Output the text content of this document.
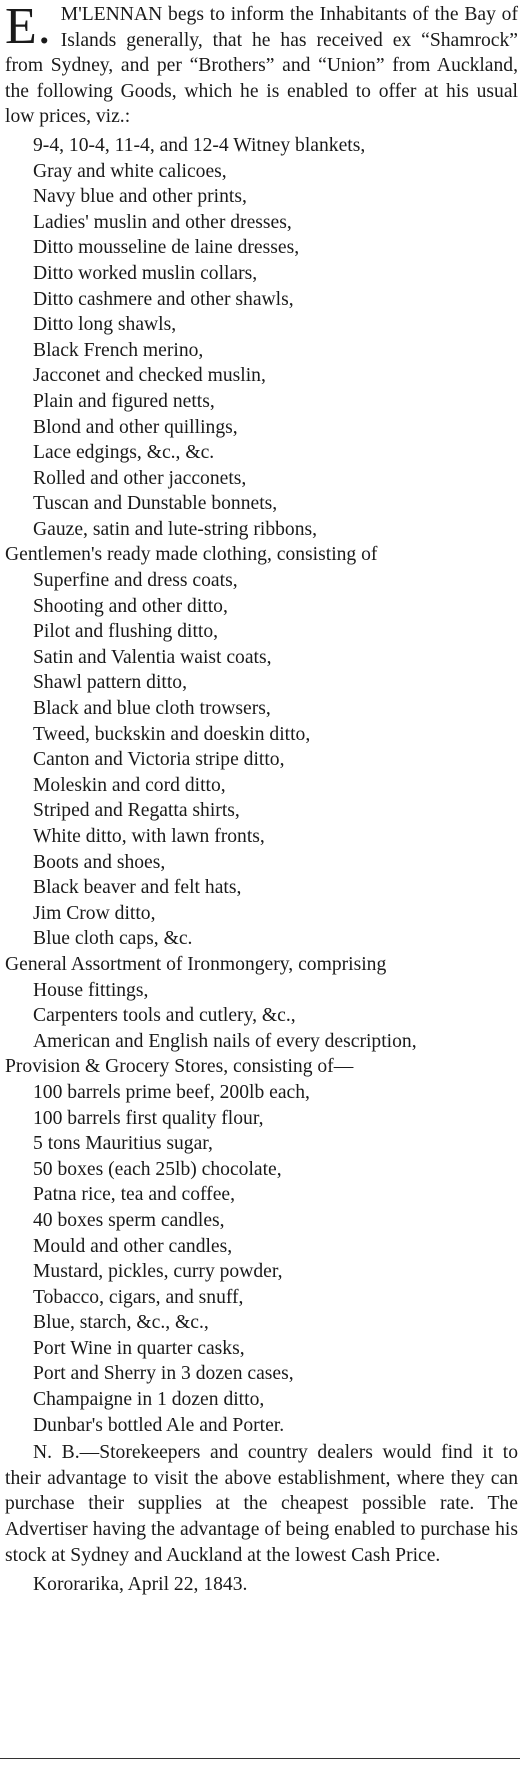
E. M'LENNAN begs to inform the Inhabitants of the Bay of Islands generally, that he has received ex “Shamrock” from Sydney, and per “Brothers” and “Union” from Auckland, the following Goods, which he is enabled to offer at his usual low prices, viz.:

9-4, 10-4, 11-4, and 12-4 Witney blankets,
Gray and white calicoes,
Navy blue and other prints,
Ladies' muslin and other dresses,
Ditto mousseline de laine dresses,
Ditto worked muslin collars,
Ditto cashmere and other shawls,
Ditto long shawls,
Black French merino,
Jacconet and checked muslin,
Plain and figured netts,
Blond and other quillings,
Lace edgings, &c., &c.
Rolled and other jacconets,
Tuscan and Dunstable bonnets,
Gauze, satin and lute-string ribbons,
Gentlemen's ready made clothing, consisting of
Superfine and dress coats,
Shooting and other ditto,
Pilot and flushing ditto,
Satin and Valentia waist coats,
Shawl pattern ditto,
Black and blue cloth trowsers,
Tweed, buckskin and doeskin ditto,
Canton and Victoria stripe ditto,
Moleskin and cord ditto,
Striped and Regatta shirts,
White ditto, with lawn fronts,
Boots and shoes,
Black beaver and felt hats,
Jim Crow ditto,
Blue cloth caps, &c.
General Assortment of Ironmongery, comprising
House fittings,
Carpenters tools and cutlery, &c.,
American and English nails of every description,
Provision & Grocery Stores, consisting of—
100 barrels prime beef, 200lb each,
100 barrels first quality flour,
5 tons Mauritius sugar,
50 boxes (each 25lb) chocolate,
Patna rice, tea and coffee,
40 boxes sperm candles,
Mould and other candles,
Mustard, pickles, curry powder,
Tobacco, cigars, and snuff,
Blue, starch, &c., &c.,
Port Wine in quarter casks,
Port and Sherry in 3 dozen cases,
Champaigne in 1 dozen ditto,
Dunbar's bottled Ale and Porter.

N. B.—Storekeepers and country dealers would find it to their advantage to visit the above establishment, where they can purchase their supplies at the cheapest possible rate. The Advertiser having the advantage of being enabled to purchase his stock at Sydney and Auckland at the lowest Cash Price.

Kororarika, April 22, 1843.
